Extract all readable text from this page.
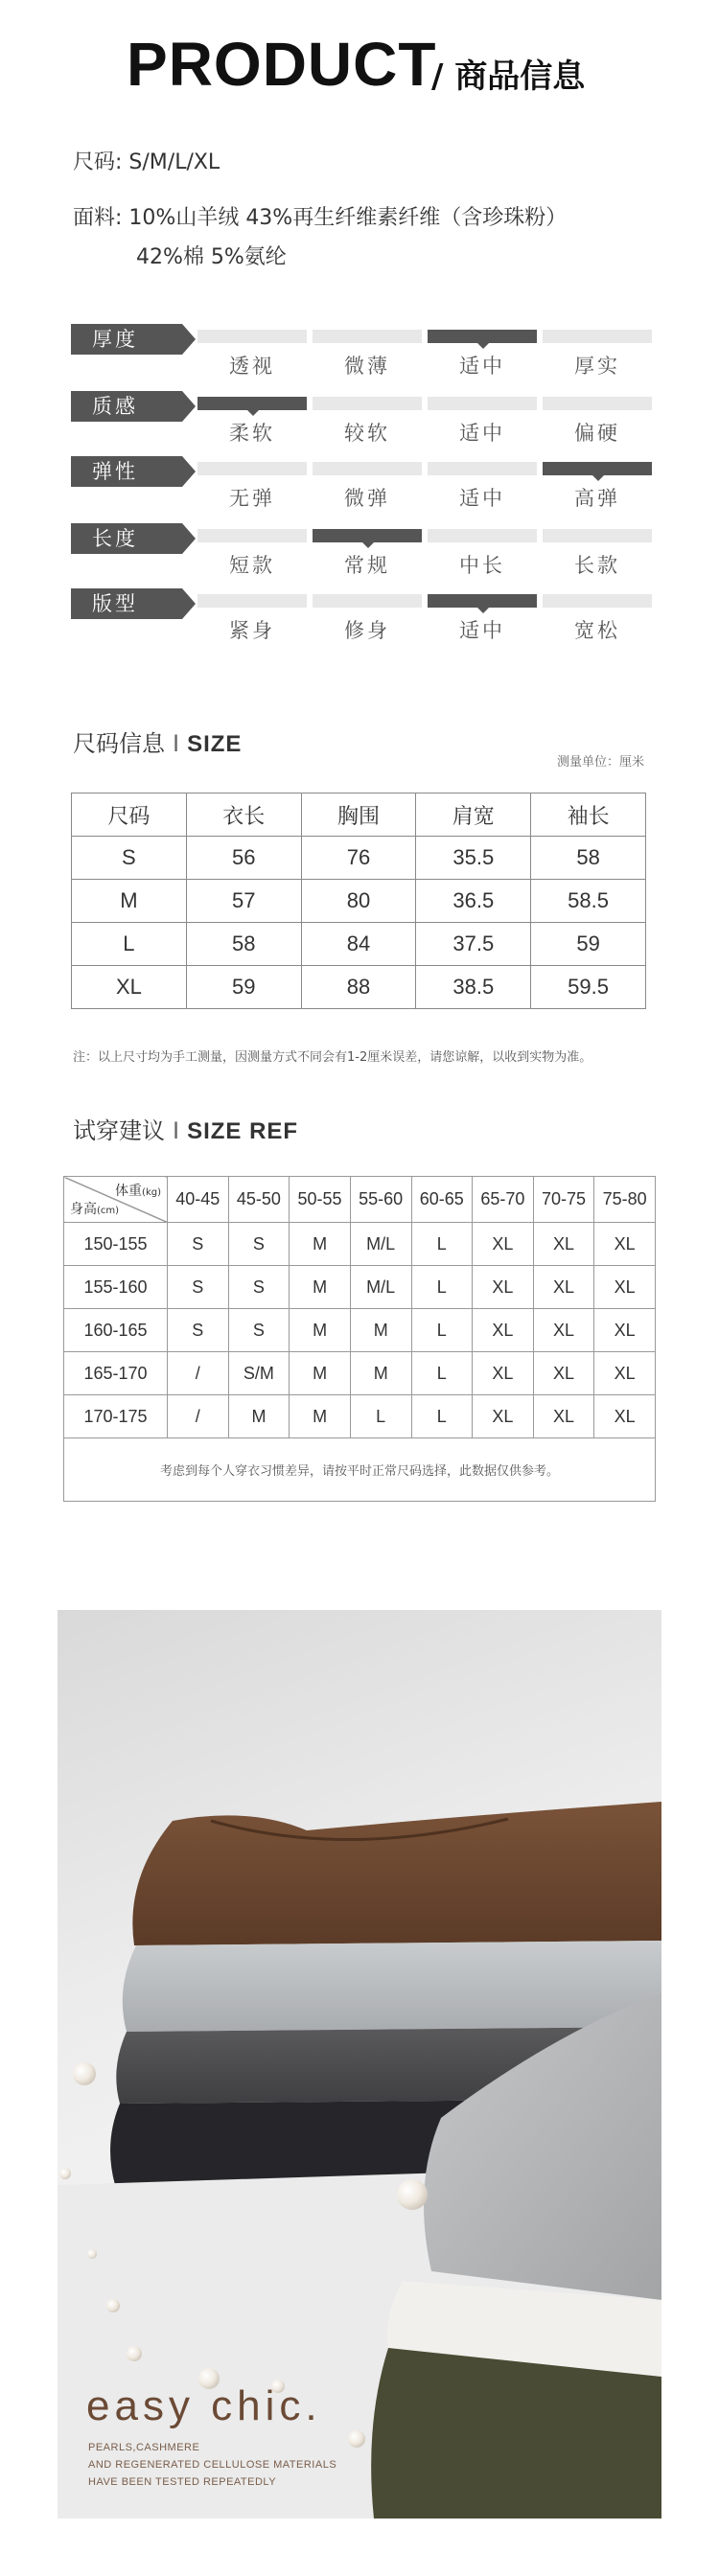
PRODUCT
/ 商品信息
尺码: S/M/L/XL
面料: 10%山羊绒 43%再生纤维素纤维（含珍珠粉）
42%棉 5%氨纶
厚度
透视	微薄	适中	厚实
质感
柔软	较软	适中	偏硬
弹性
无弹	微弹	适中	高弹
长度
短款	常规	中长	长款
版型
紧身	修身	适中	宽松
尺码信息 I SIZE
测量单位：厘米
尺码	衣长	胸围	肩宽	袖长
S	56	76	35.5	58
M	57	80	36.5	58.5
L	58	84	37.5	59
XL	59	88	38.5	59.5
注：以上尺寸均为手工测量，因测量方式不同会有1-2厘米误差，请您谅解，以收到实物为准。
试穿建议 I SIZE REF
体重(kg)
身高(cm)	40-45	45-50	50-55	55-60	60-65	65-70	70-75	75-80
150-155	S	S	M	M/L	L	XL	XL	XL
155-160	S	S	M	M/L	L	XL	XL	XL
160-165	S	S	M	M	L	XL	XL	XL
165-170	/	S/M	M	M	L	XL	XL	XL
170-175	/	M	M	L	L	XL	XL	XL
考虑到每个人穿衣习惯差异，请按平时正常尺码选择，此数据仅供参考。								
easy chic.
PEARLS,CASHMERE
AND REGENERATED CELLULOSE MATERIALS
HAVE BEEN TESTED REPEATEDLY
